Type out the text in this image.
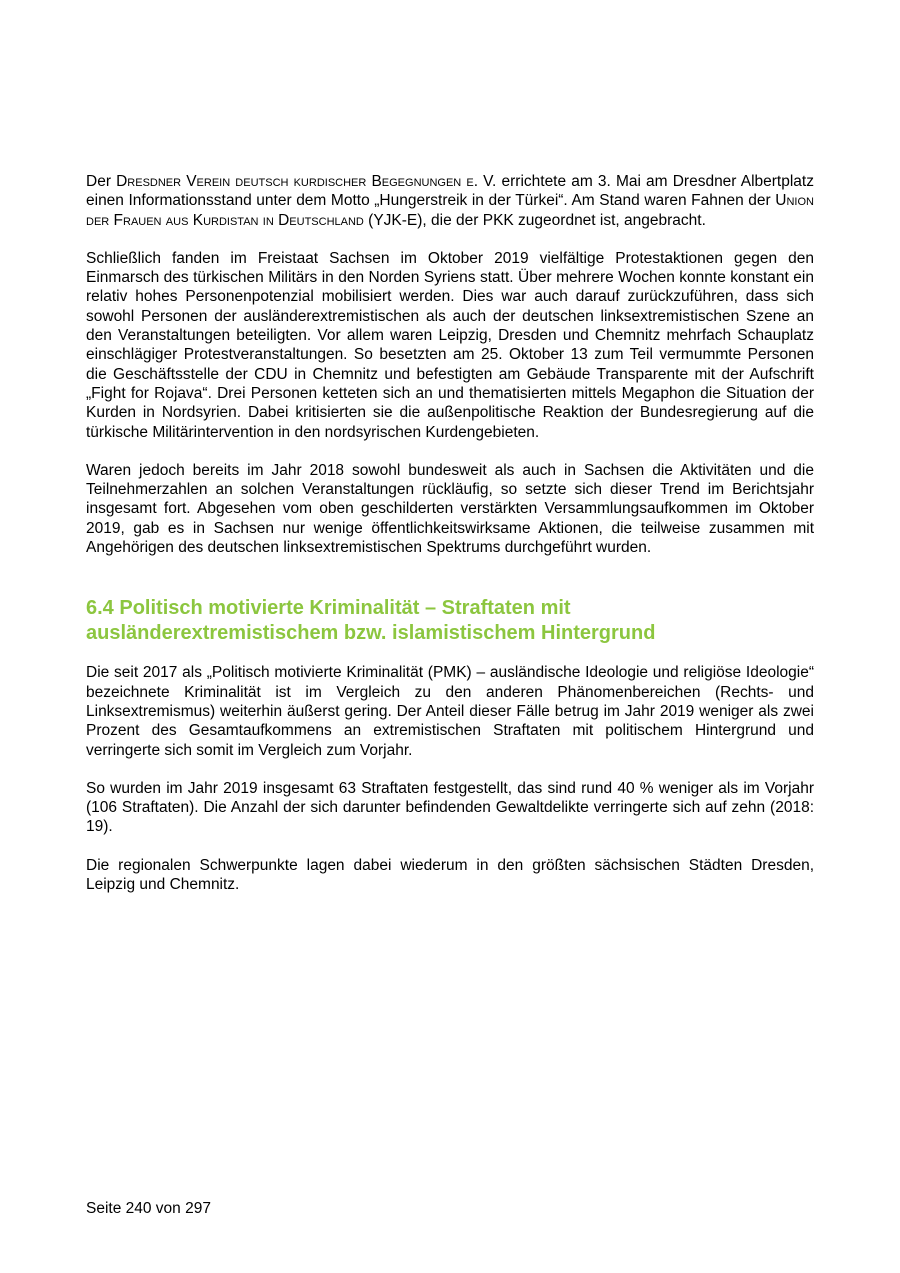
Der Dresdner Verein deutsch kurdischer Begegnungen e. V. errichtete am 3. Mai am Dresdner Albertplatz einen Informationsstand unter dem Motto „Hungerstreik in der Türkei“. Am Stand waren Fahnen der Union der Frauen aus Kurdistan in Deutschland (YJK-E), die der PKK zugeordnet ist, angebracht.

Schließlich fanden im Freistaat Sachsen im Oktober 2019 vielfältige Protestaktionen gegen den Einmarsch des türkischen Militärs in den Norden Syriens statt. Über mehrere Wochen konnte konstant ein relativ hohes Personenpotenzial mobilisiert werden. Dies war auch darauf zurückzuführen, dass sich sowohl Personen der ausländerextremistischen als auch der deutschen linksextremistischen Szene an den Veranstaltungen beteiligten. Vor allem waren Leipzig, Dresden und Chemnitz mehrfach Schauplatz einschlägiger Protestveranstaltungen. So besetzten am 25. Oktober 13 zum Teil vermummte Personen die Geschäftsstelle der CDU in Chemnitz und befestigten am Gebäude Transparente mit der Aufschrift „Fight for Rojava“. Drei Personen ketteten sich an und thematisierten mittels Megaphon die Situation der Kurden in Nordsyrien. Dabei kritisierten sie die außenpolitische Reaktion der Bundesregierung auf die türkische Militärintervention in den nordsyrischen Kurdengebieten.

Waren jedoch bereits im Jahr 2018 sowohl bundesweit als auch in Sachsen die Aktivitäten und die Teilnehmerzahlen an solchen Veranstaltungen rückläufig, so setzte sich dieser Trend im Berichtsjahr insgesamt fort. Abgesehen vom oben geschilderten verstärkten Versammlungsaufkommen im Oktober 2019, gab es in Sachsen nur wenige öffentlichkeitswirksame Aktionen, die teilweise zusammen mit Angehörigen des deutschen linksextremistischen Spektrums durchgeführt wurden.

6.4 Politisch motivierte Kriminalität – Straftaten mit
ausländerextremistischem bzw. islamistischem Hintergrund

Die seit 2017 als „Politisch motivierte Kriminalität (PMK) – ausländische Ideologie und religiöse Ideologie“ bezeichnete Kriminalität ist im Vergleich zu den anderen Phänomenbereichen (Rechts- und Linksextremismus) weiterhin äußerst gering. Der Anteil dieser Fälle betrug im Jahr 2019 weniger als zwei Prozent des Gesamtaufkommens an extremistischen Straftaten mit politischem Hintergrund und verringerte sich somit im Vergleich zum Vorjahr.

So wurden im Jahr 2019 insgesamt 63 Straftaten festgestellt, das sind rund 40 % weniger als im Vorjahr (106 Straftaten). Die Anzahl der sich darunter befindenden Gewaltdelikte verringerte sich auf zehn (2018: 19).

Die regionalen Schwerpunkte lagen dabei wiederum in den größten sächsischen Städten Dresden, Leipzig und Chemnitz.

Seite 240 von 297
